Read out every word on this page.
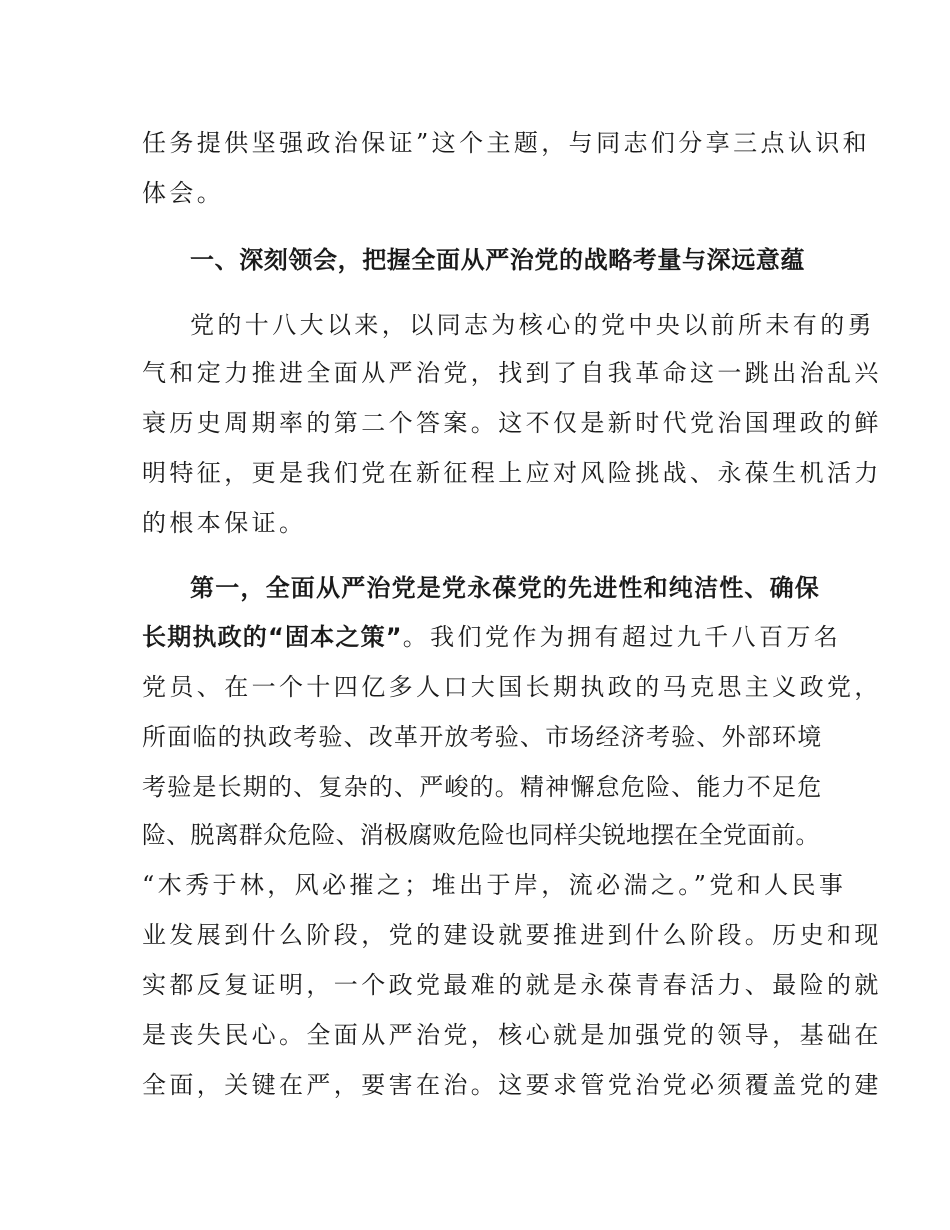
任务提供坚强政治保证”这个主题，与同志们分享三点认识和
体会。
一、深刻领会，把握全面从严治党的战略考量与深远意蕴
党的十八大以来，以同志为核心的党中央以前所未有的勇
气和定力推进全面从严治党，找到了自我革命这一跳出治乱兴
衰历史周期率的第二个答案。这不仅是新时代党治国理政的鲜
明特征，更是我们党在新征程上应对风险挑战、永葆生机活力
的根本保证。
第一，全面从严治党是党永葆党的先进性和纯洁性、确保
长期执政的“固本之策”。我们党作为拥有超过九千八百万名
党员、在一个十四亿多人口大国长期执政的马克思主义政党，
所面临的执政考验、改革开放考验、市场经济考验、外部环境
考验是长期的、复杂的、严峻的。精神懈怠危险、能力不足危
险、脱离群众危险、消极腐败危险也同样尖锐地摆在全党面前。
“木秀于林，风必摧之；堆出于岸，流必湍之。”党和人民事
业发展到什么阶段，党的建设就要推进到什么阶段。历史和现
实都反复证明，一个政党最难的就是永葆青春活力、最险的就
是丧失民心。全面从严治党，核心就是加强党的领导，基础在
全面，关键在严，要害在治。这要求管党治党必须覆盖党的建
